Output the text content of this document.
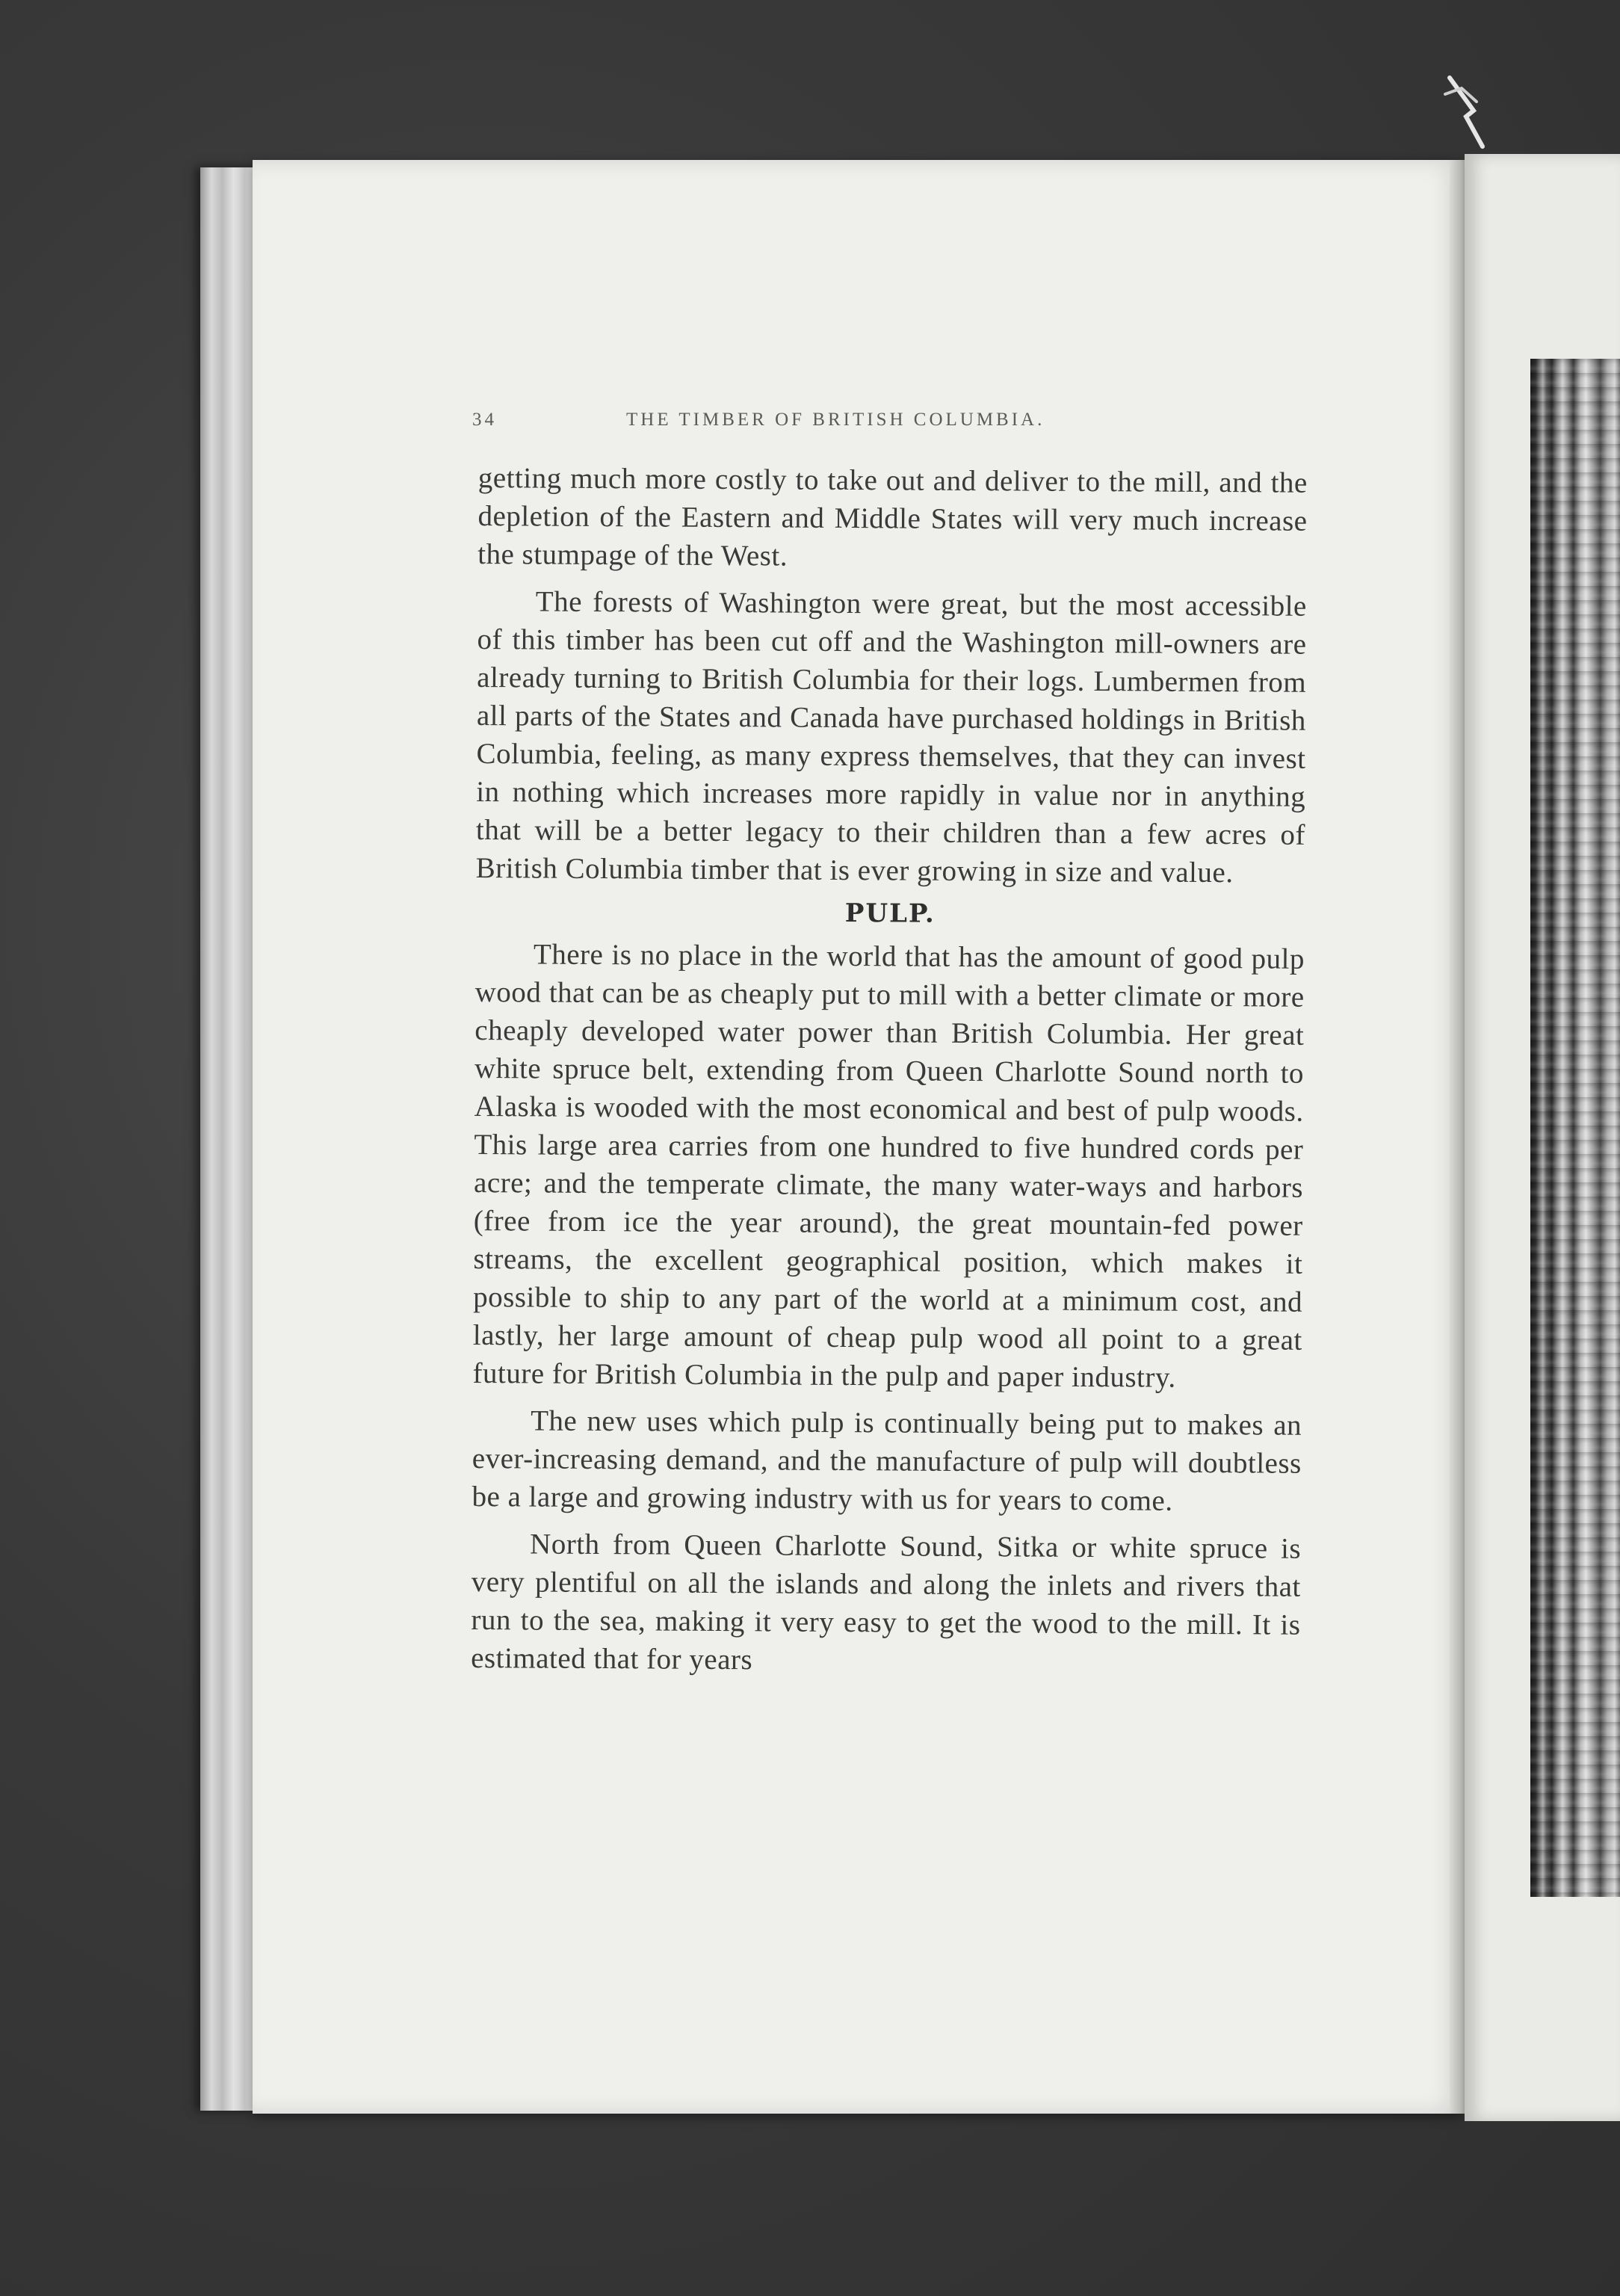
34	THE TIMBER OF BRITISH COLUMBIA.

getting much more costly to take out and deliver to the mill, and the depletion of the Eastern and Middle States will very much increase the stumpage of the West.

The forests of Washington were great, but the most accessible of this timber has been cut off and the Washington mill-owners are already turning to British Columbia for their logs. Lumbermen from all parts of the States and Canada have purchased holdings in British Columbia, feeling, as many express themselves, that they can invest in nothing which increases more rapidly in value nor in anything that will be a better legacy to their children than a few acres of British Columbia timber that is ever growing in size and value.

PULP.

There is no place in the world that has the amount of good pulp wood that can be as cheaply put to mill with a better climate or more cheaply developed water power than British Columbia. Her great white spruce belt, extending from Queen Charlotte Sound north to Alaska is wooded with the most economical and best of pulp woods. This large area carries from one hundred to five hundred cords per acre; and the temperate climate, the many water-ways and harbors (free from ice the year around), the great mountain-fed power streams, the excellent geographical position, which makes it possible to ship to any part of the world at a minimum cost, and lastly, her large amount of cheap pulp wood all point to a great future for British Columbia in the pulp and paper industry.

The new uses which pulp is continually being put to makes an ever-increasing demand, and the manufacture of pulp will doubtless be a large and growing industry with us for years to come.

North from Queen Charlotte Sound, Sitka or white spruce is very plentiful on all the islands and along the inlets and rivers that run to the sea, making it very easy to get the wood to the mill. It is estimated that for years
